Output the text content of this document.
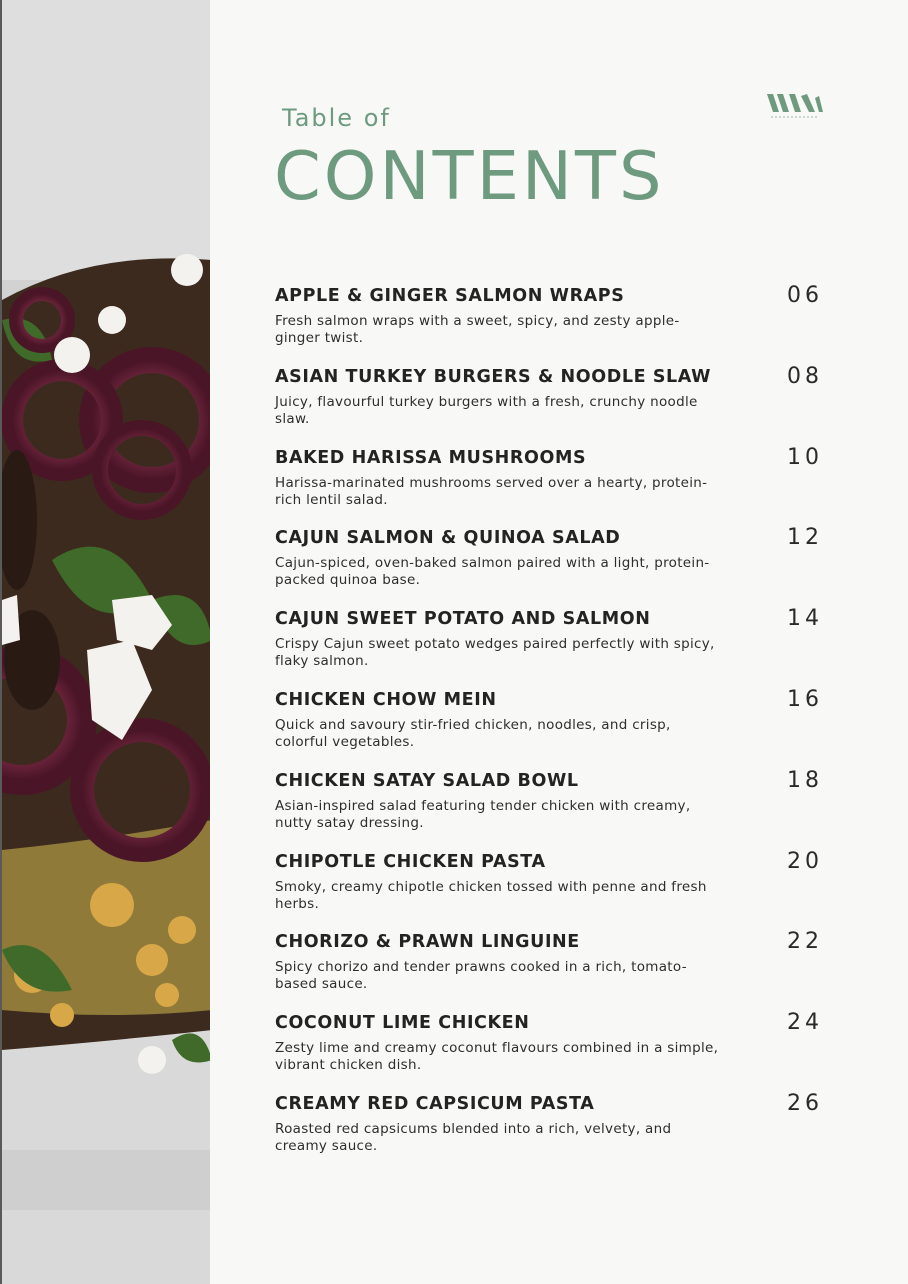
Table of
CONTENTS
APPLE & GINGER SALMON WRAPS	06
Fresh salmon wraps with a sweet, spicy, and zesty apple-ginger twist.
ASIAN TURKEY BURGERS & NOODLE SLAW	08
Juicy, flavourful turkey burgers with a fresh, crunchy noodle slaw.
BAKED HARISSA MUSHROOMS	10
Harissa-marinated mushrooms served over a hearty, protein-rich lentil salad.
CAJUN SALMON & QUINOA SALAD	12
Cajun-spiced, oven-baked salmon paired with a light, protein-packed quinoa base.
CAJUN SWEET POTATO AND SALMON	14
Crispy Cajun sweet potato wedges paired perfectly with spicy, flaky salmon.
CHICKEN CHOW MEIN	16
Quick and savoury stir-fried chicken, noodles, and crisp, colorful vegetables.
CHICKEN SATAY SALAD BOWL	18
Asian-inspired salad featuring tender chicken with creamy, nutty satay dressing.
CHIPOTLE CHICKEN PASTA	20
Smoky, creamy chipotle chicken tossed with penne and fresh herbs.
CHORIZO & PRAWN LINGUINE	22
Spicy chorizo and tender prawns cooked in a rich, tomato-based sauce.
COCONUT LIME CHICKEN	24
Zesty lime and creamy coconut flavours combined in a simple, vibrant chicken dish.
CREAMY RED CAPSICUM PASTA	26
Roasted red capsicums blended into a rich, velvety, and creamy sauce.
